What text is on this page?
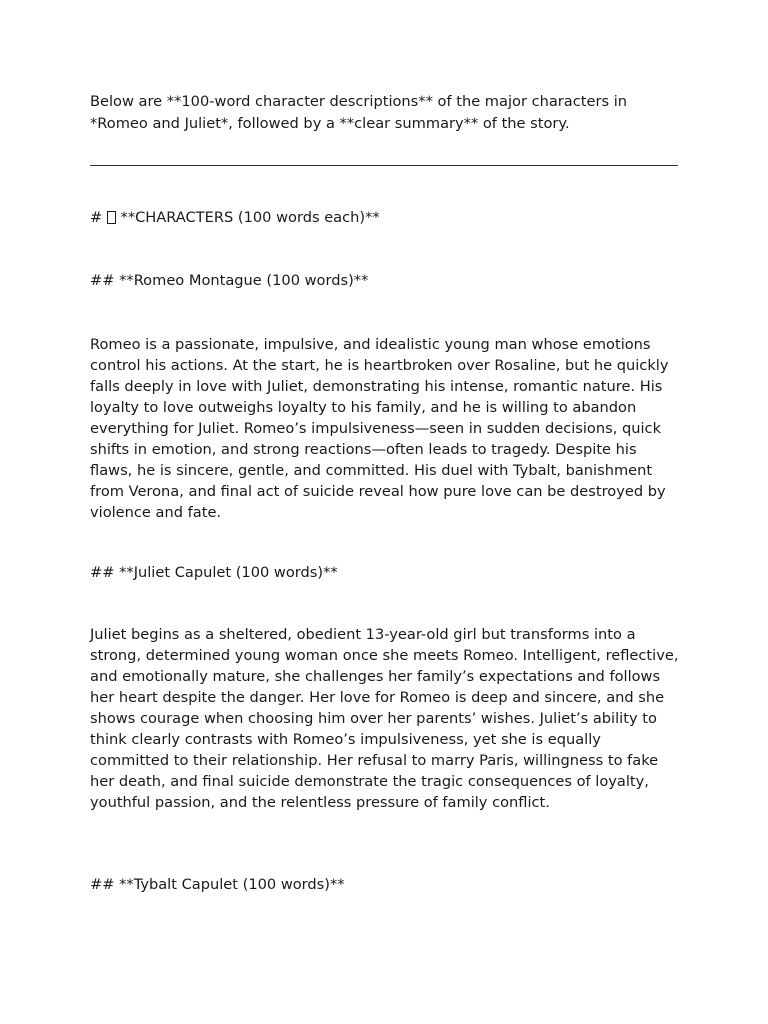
Below are **100-word character descriptions** of the major characters in *Romeo and Juliet*, followed by a **clear summary** of the story.

# **CHARACTERS (100 words each)**

## **Romeo Montague (100 words)**

Romeo is a passionate, impulsive, and idealistic young man whose emotions control his actions. At the start, he is heartbroken over Rosaline, but he quickly falls deeply in love with Juliet, demonstrating his intense, romantic nature. His loyalty to love outweighs loyalty to his family, and he is willing to abandon everything for Juliet. Romeo’s impulsiveness—seen in sudden decisions, quick shifts in emotion, and strong reactions—often leads to tragedy. Despite his flaws, he is sincere, gentle, and committed. His duel with Tybalt, banishment from Verona, and final act of suicide reveal how pure love can be destroyed by violence and fate.

## **Juliet Capulet (100 words)**

Juliet begins as a sheltered, obedient 13-year-old girl but transforms into a strong, determined young woman once she meets Romeo. Intelligent, reflective, and emotionally mature, she challenges her family’s expectations and follows her heart despite the danger. Her love for Romeo is deep and sincere, and she shows courage when choosing him over her parents’ wishes. Juliet’s ability to think clearly contrasts with Romeo’s impulsiveness, yet she is equally committed to their relationship. Her refusal to marry Paris, willingness to fake her death, and final suicide demonstrate the tragic consequences of loyalty, youthful passion, and the relentless pressure of family conflict.

## **Tybalt Capulet (100 words)**
